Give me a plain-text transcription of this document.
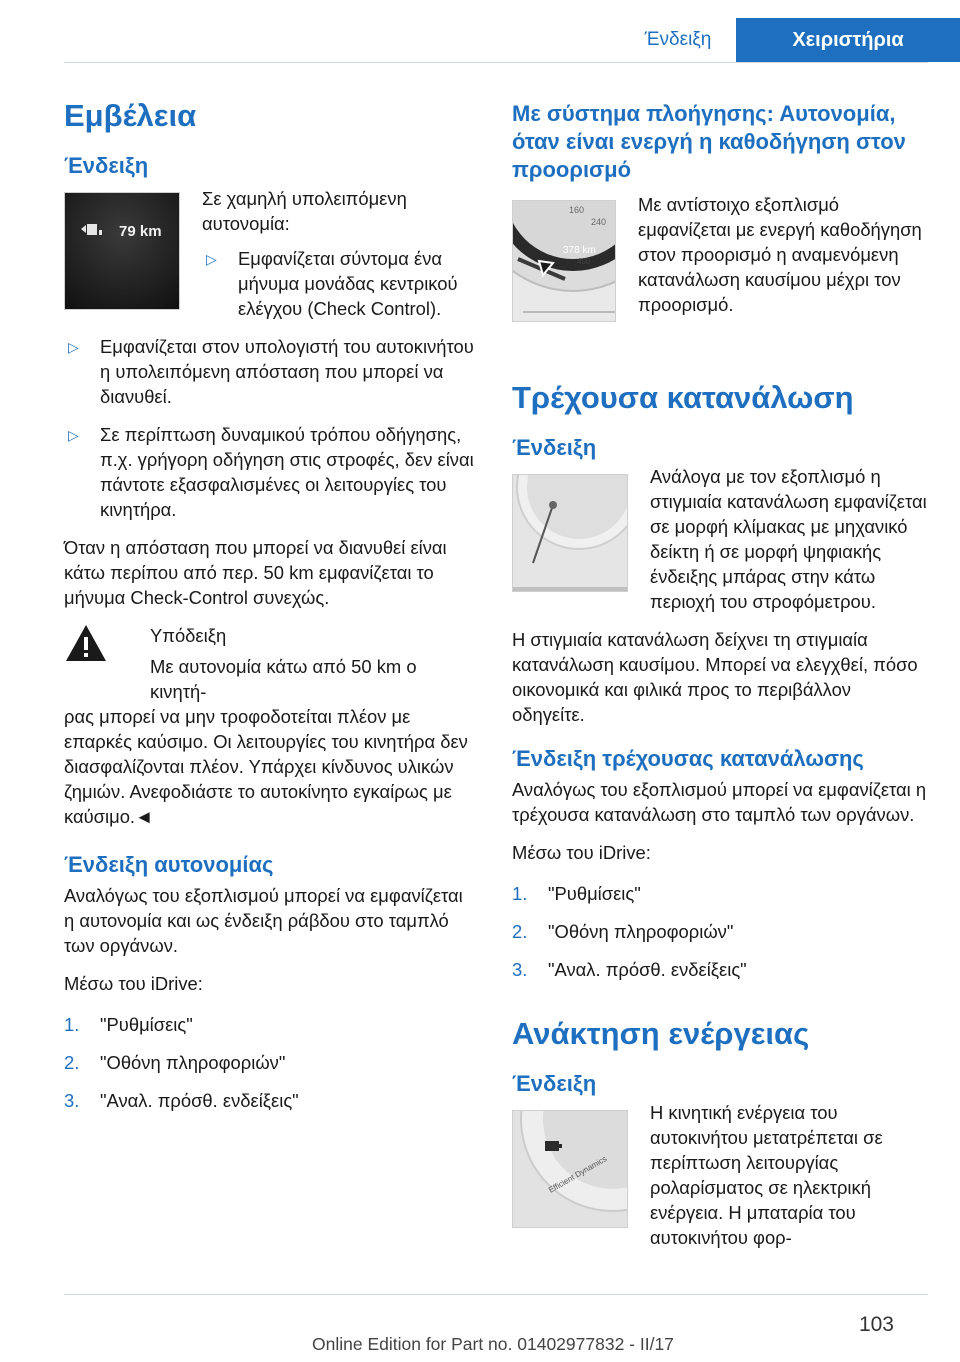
Ένδειξη	Χειριστήρια
Εμβέλεια
Ένδειξη
79 km
Σε χαμηλή υπολειπόμενη αυτονομία:
▷ Εμφανίζεται σύντομα ένα μήνυμα μονάδας κεντρικού ελέγχου (Check Control).
▷ Εμφανίζεται στον υπολογιστή του αυτοκινήτου η υπολειπόμενη απόσταση που μπορεί να διανυθεί.
▷ Σε περίπτωση δυναμικού τρόπου οδήγησης, π.χ. γρήγορη οδήγηση στις στροφές, δεν είναι πάντοτε εξασφαλισμένες οι λειτουργίες του κινητήρα.
Όταν η απόσταση που μπορεί να διανυθεί είναι κάτω περίπου από περ. 50 km εμφανίζεται το μήνυμα Check-Control συνεχώς.
Υπόδειξη
Με αυτονομία κάτω από 50 km ο κινητή-
ρας μπορεί να μην τροφοδοτείται πλέον με επαρκές καύσιμο. Οι λειτουργίες του κινητήρα δεν διασφαλίζονται πλέον. Υπάρχει κίνδυνος υλικών ζημιών. Ανεφοδιάστε το αυτοκίνητο εγκαίρως με καύσιμο.◄
Ένδειξη αυτονομίας
Αναλόγως του εξοπλισμού μπορεί να εμφανίζεται η αυτονομία και ως ένδειξη ράβδου στο ταμπλό των οργάνων.
Μέσω του iDrive:
1. "Ρυθμίσεις"
2. "Οθόνη πληροφοριών"
3. "Αναλ. πρόσθ. ενδείξεις"
Με σύστημα πλοήγησης: Αυτονομία, όταν είναι ενεργή η καθοδήγηση στον προορισμό
378 km
160
240
400
Με αντίστοιχο εξοπλισμό εμφανίζεται με ενεργή καθοδήγηση στον προορισμό η αναμενόμενη κατανάλωση καυσίμου μέχρι τον προορισμό.
Τρέχουσα κατανάλωση
Ένδειξη
Ανάλογα με τον εξοπλισμό η στιγμιαία κατανάλωση εμφανίζεται σε μορφή κλίμακας με μηχανικό δείκτη ή σε μορφή ψηφιακής ένδειξης μπάρας στην κάτω περιοχή του στροφόμετρου.
Η στιγμιαία κατανάλωση δείχνει τη στιγμιαία κατανάλωση καυσίμου. Μπορεί να ελεγχθεί, πόσο οικονομικά και φιλικά προς το περιβάλλον οδηγείτε.
Ένδειξη τρέχουσας κατανάλωσης
Αναλόγως του εξοπλισμού μπορεί να εμφανίζεται η τρέχουσα κατανάλωση στο ταμπλό των οργάνων.
Μέσω του iDrive:
1. "Ρυθμίσεις"
2. "Οθόνη πληροφοριών"
3. "Αναλ. πρόσθ. ενδείξεις"
Ανάκτηση ενέργειας
Ένδειξη
Efficient Dynamics
Η κινητική ενέργεια του αυτοκινήτου μετατρέπεται σε περίπτωση λειτουργίας ρολαρίσματος σε ηλεκτρική ενέργεια. Η μπαταρία του αυτοκινήτου φορ-
103
Online Edition for Part no. 01402977832 - II/17
